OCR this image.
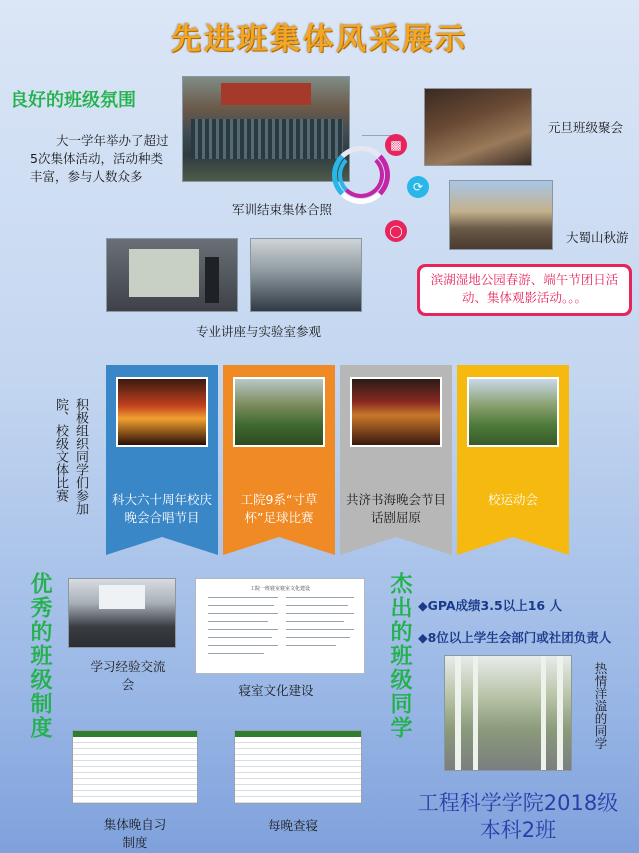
先进班集体风采展示
良好的班级氛围
大一学年举办了超过5次集体活动，活动种类丰富，参与人数众多
军训结束集体合照
▩
⟳
◯
元旦班级聚会
大蜀山秋游
滨湖湿地公园春游、端午节团日活动、集体观影活动。。。
专业讲座与实验室参观
积极组织同学们参加院、校级文体比赛	科大六十周年校庆晚会合唱节目
工院9系“寸草杯”足球比赛
共济书海晚会节目话剧屈原
校运动会
优秀的班级制度	学习经验交流会
工院一班寝室寝室文化建设
寝室文化建设
集体晚自习制度
每晚查寝
杰出的班级同学 ◆GPA成绩3.5以上16 人
◆8位以上学生会部门或社团负责人
热情洋溢的同学
工程科学学院2018级
本科2班
